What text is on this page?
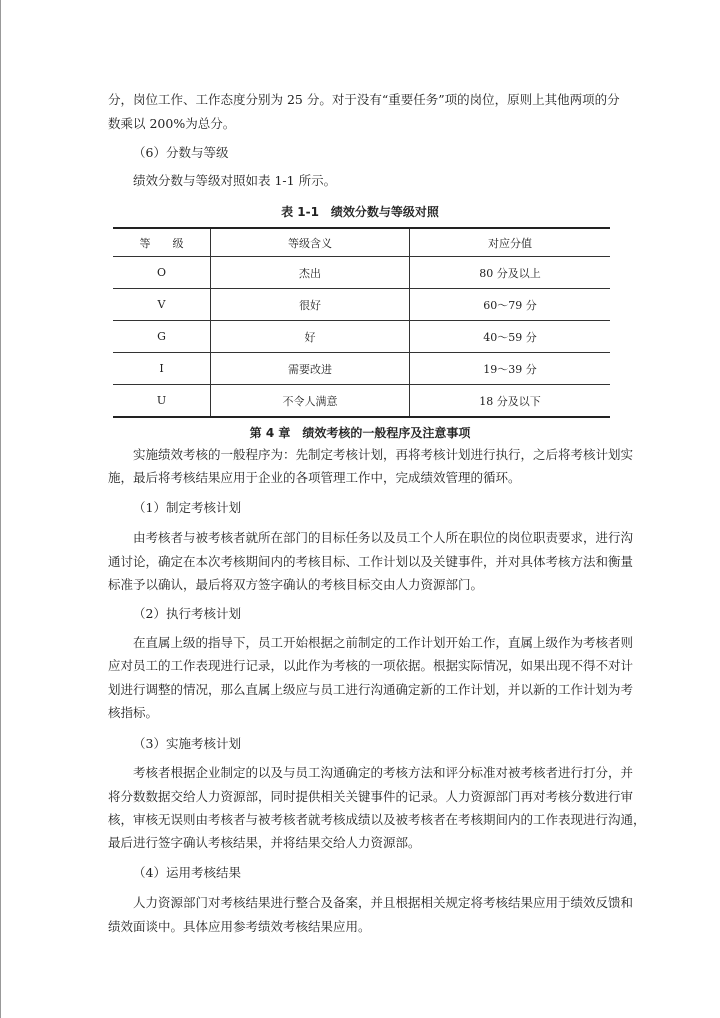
分，岗位工作、工作态度分别为 25 分。对于没有“重要任务”项的岗位，原则上其他两项的分
数乘以 200%为总分。
（6）分数与等级
绩效分数与等级对照如表 1-1 所示。
表 1-1　绩效分数与等级对照
等　　级	等级含义	对应分值
O	杰出	80 分及以上
V	很好	60～79 分
G	好	40～59 分
I	需要改进	19～39 分
U	不令人满意	18 分及以下
第 4 章　绩效考核的一般程序及注意事项
实施绩效考核的一般程序为：先制定考核计划，再将考核计划进行执行，之后将考核计划实
施，最后将考核结果应用于企业的各项管理工作中，完成绩效管理的循环。
（1）制定考核计划
由考核者与被考核者就所在部门的目标任务以及员工个人所在职位的岗位职责要求，进行沟
通讨论，确定在本次考核期间内的考核目标、工作计划以及关键事件，并对具体考核方法和衡量
标准予以确认，最后将双方签字确认的考核目标交由人力资源部门。
（2）执行考核计划
在直属上级的指导下，员工开始根据之前制定的工作计划开始工作，直属上级作为考核者则
应对员工的工作表现进行记录，以此作为考核的一项依据。根据实际情况，如果出现不得不对计
划进行调整的情况，那么直属上级应与员工进行沟通确定新的工作计划，并以新的工作计划为考
核指标。
（3）实施考核计划
考核者根据企业制定的以及与员工沟通确定的考核方法和评分标准对被考核者进行打分，并
将分数数据交给人力资源部，同时提供相关关键事件的记录。人力资源部门再对考核分数进行审
核，审核无误则由考核者与被考核者就考核成绩以及被考核者在考核期间内的工作表现进行沟通，
最后进行签字确认考核结果，并将结果交给人力资源部。
（4）运用考核结果
人力资源部门对考核结果进行整合及备案，并且根据相关规定将考核结果应用于绩效反馈和
绩效面谈中。具体应用参考绩效考核结果应用。
